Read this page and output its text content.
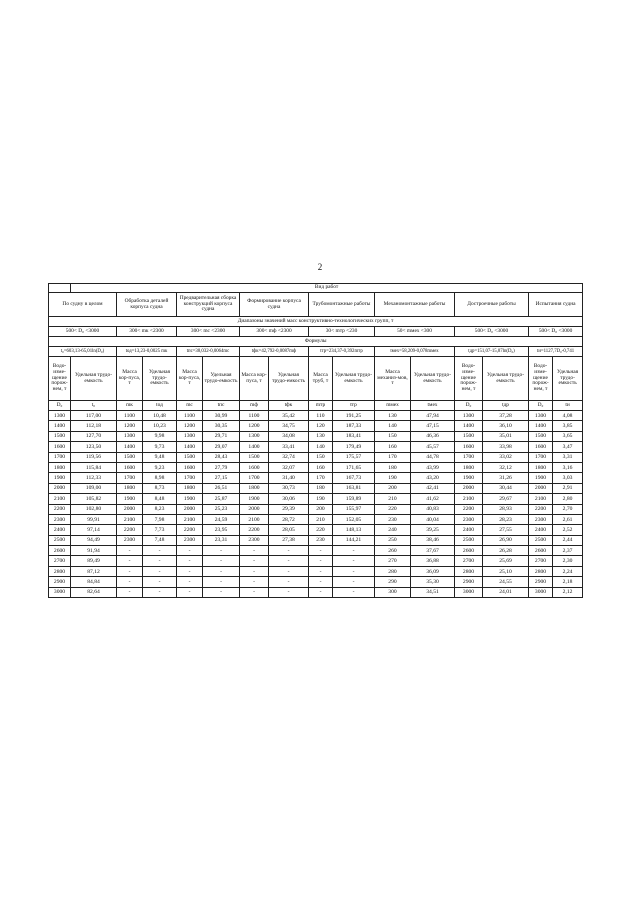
2
	Вид работ														
По судну в целом		Обработка деталей корпуса судна		Предварительная сборка конструкций корпуса судна		Формирование корпуса судна		Трубомонтажные работы		Механомонтажные работы		Достроечные работы		Испытания судна	
Диапазоны значений масс конструктивно-технологических групп, т															
500< D₀ <3000		300< mк <2300		300< mc <2300		300< mф <2300		30< mтр <230		50< mмех <300		500< D₀ <3000		500< D₀ <3000	
Формулы															
t₀=603,13-65,01ln(D₀)		tод=13,23-0,0025 mк		tпс=38,032-0,0064mc		tфк=42,792-0,0087mф		tтр=234,37-0,392mтр		tмех=58,209-0,078mмех		tдр=151,07-15,87ln(D₀)		tи=1127,7D₀-0,741	
Водо-изме-щение порож-нем, т	Удельная трудо-емкость	Масса кор-пуса, т	Удельная трудо-емкость	Масса кор-пуса, т	Удельная трудо-емкость	Масса кор-пуса, т	Удельная трудо-емкость	Масса труб, т	Удельная трудо-емкость	Масса механиз-мов, т	Удельная трудо-емкость	Водо-изме-щение порож-нем, т	Удельная трудо-емкость	Водо-изме-щение порож-нем, т	Удельная трудо-емкость
D₀	t₀	mк	tод	mc	tпс	mф	tфк	mтр	tтр	mмех	tмех	D₀	tдр	D₀	tи
1300	117,00	1100	10,48	1100	30,99	1100	35,42	110	191,25	130	47,94	1300	37,28	1300	4,08
1400	112,18	1200	10,23	1200	30,35	1200	34,75	120	187,33	140	47,15	1400	36,10	1400	3,85
1500	127,70	1300	9,98	1300	29,71	1300	34,08	130	183,41	150	46,36	1500	35,01	1500	3,65
1600	123,50	1400	9,73	1400	29,07	1400	33,41	140	179,49	160	45,57	1600	33,98	1600	3,47
1700	119,56	1500	9,48	1500	28,43	1500	32,74	150	175,57	170	44,78	1700	33,02	1700	3,31
1800	115,84	1600	9,23	1600	27,79	1600	32,07	160	171,65	180	43,99	1800	32,12	1800	3,16
1900	112,33	1700	8,98	1700	27,15	1700	31,40	170	167,73	190	43,20	1900	31,26	1900	3,03
2000	109,00	1800	8,73	1800	26,51	1800	30,73	180	163,81	200	42,41	2000	30,44	2000	2,91
2100	105,82	1900	8,48	1900	25,87	1900	30,06	190	159,89	210	41,62	2100	29,67	2100	2,80
2200	102,80	2000	8,23	2000	25,23	2000	29,39	200	155,97	220	40,83	2200	28,93	2200	2,70
2300	99,91	2100	7,98	2100	24,59	2100	28,72	210	152,05	230	40,04	2300	28,23	2300	2,61
2400	97,14	2200	7,73	2200	23,95	2200	28,05	220	148,13	240	39,25	2400	27,55	2400	2,52
2500	94,49	2300	7,48	2300	23,31	2300	27,38	230	144,21	250	38,46	2500	26,90	2500	2,44
2600	91,94	-	-	-	-	-	-	-	-	260	37,67	2600	26,28	2600	2,37
2700	89,49	-	-	-	-	-	-	-	-	270	36,88	2700	25,69	2700	2,30
2800	87,12	-	-	-	-	-	-	-	-	280	36,09	2800	25,10	2800	2,24
2900	84,84	-	-	-	-	-	-	-	-	290	35,30	2900	24,55	2900	2,18
3000	82,64	-	-	-	-	-	-	-	-	300	34,51	3000	24,01	3000	2,12
